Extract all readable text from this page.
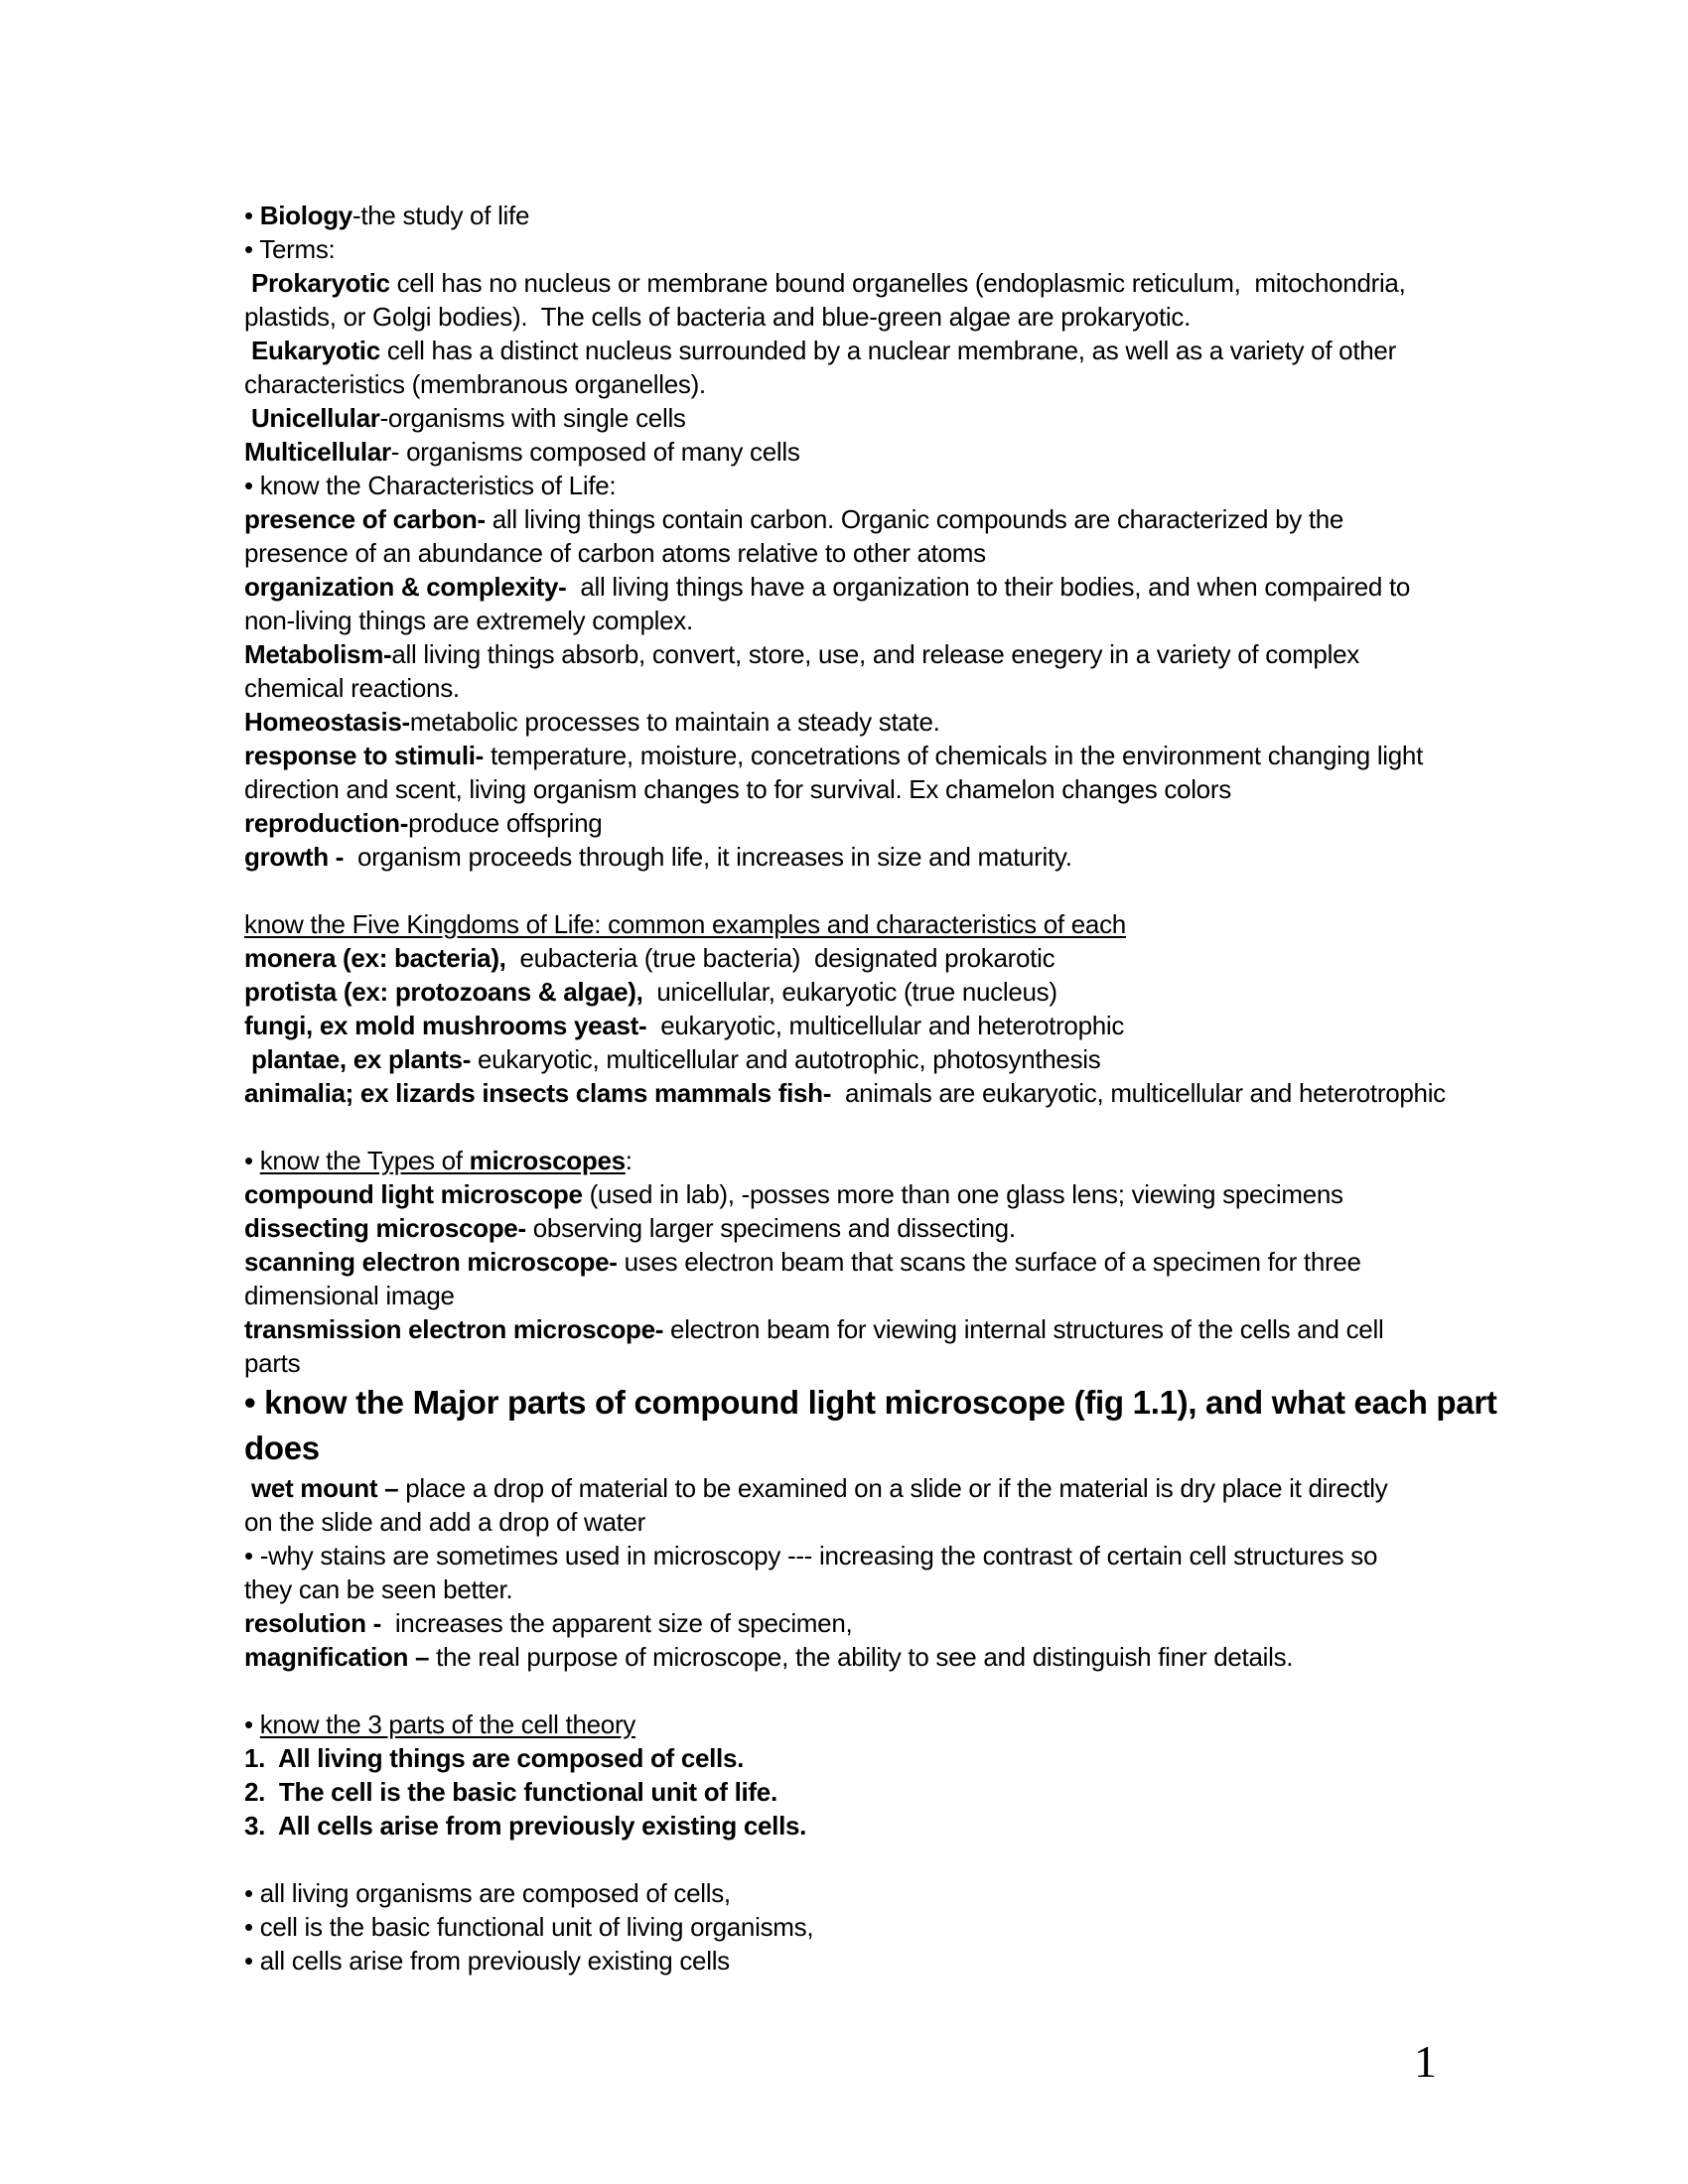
• Biology-the study of life
• Terms:
Prokaryotic cell has no nucleus or membrane bound organelles (endoplasmic reticulum,  mitochondria,
plastids, or Golgi bodies).  The cells of bacteria and blue-green algae are prokaryotic.
Eukaryotic cell has a distinct nucleus surrounded by a nuclear membrane, as well as a variety of other
characteristics (membranous organelles).
Unicellular-organisms with single cells
Multicellular- organisms composed of many cells
• know the Characteristics of Life:
presence of carbon- all living things contain carbon. Organic compounds are characterized by the
presence of an abundance of carbon atoms relative to other atoms
organization & complexity-  all living things have a organization to their bodies, and when compaired to
non-living things are extremely complex.
Metabolism-all living things absorb, convert, store, use, and release enegery in a variety of complex
chemical reactions.
Homeostasis-metabolic processes to maintain a steady state.
response to stimuli- temperature, moisture, concetrations of chemicals in the environment changing light
direction and scent, living organism changes to for survival. Ex chamelon changes colors
reproduction-produce offspring
growth -  organism proceeds through life, it increases in size and maturity.

know the Five Kingdoms of Life: common examples and characteristics of each
monera (ex: bacteria),  eubacteria (true bacteria)  designated prokarotic
protista (ex: protozoans & algae),  unicellular, eukaryotic (true nucleus)
fungi, ex mold mushrooms yeast-  eukaryotic, multicellular and heterotrophic
plantae, ex plants- eukaryotic, multicellular and autotrophic, photosynthesis
animalia; ex lizards insects clams mammals fish-  animals are eukaryotic, multicellular and heterotrophic

• know the Types of microscopes:
compound light microscope (used in lab), -posses more than one glass lens; viewing specimens
dissecting microscope- observing larger specimens and dissecting.
scanning electron microscope- uses electron beam that scans the surface of a specimen for three
dimensional image
transmission electron microscope- electron beam for viewing internal structures of the cells and cell
parts
• know the Major parts of compound light microscope (fig 1.1), and what each part
does
wet mount – place a drop of material to be examined on a slide or if the material is dry place it directly
on the slide and add a drop of water
• -why stains are sometimes used in microscopy --- increasing the contrast of certain cell structures so
they can be seen better.
resolution -  increases the apparent size of specimen,
magnification – the real purpose of microscope, the ability to see and distinguish finer details.

• know the 3 parts of the cell theory
1.  All living things are composed of cells.
2.  The cell is the basic functional unit of life.
3.  All cells arise from previously existing cells.

• all living organisms are composed of cells,
• cell is the basic functional unit of living organisms,
• all cells arise from previously existing cells
1
